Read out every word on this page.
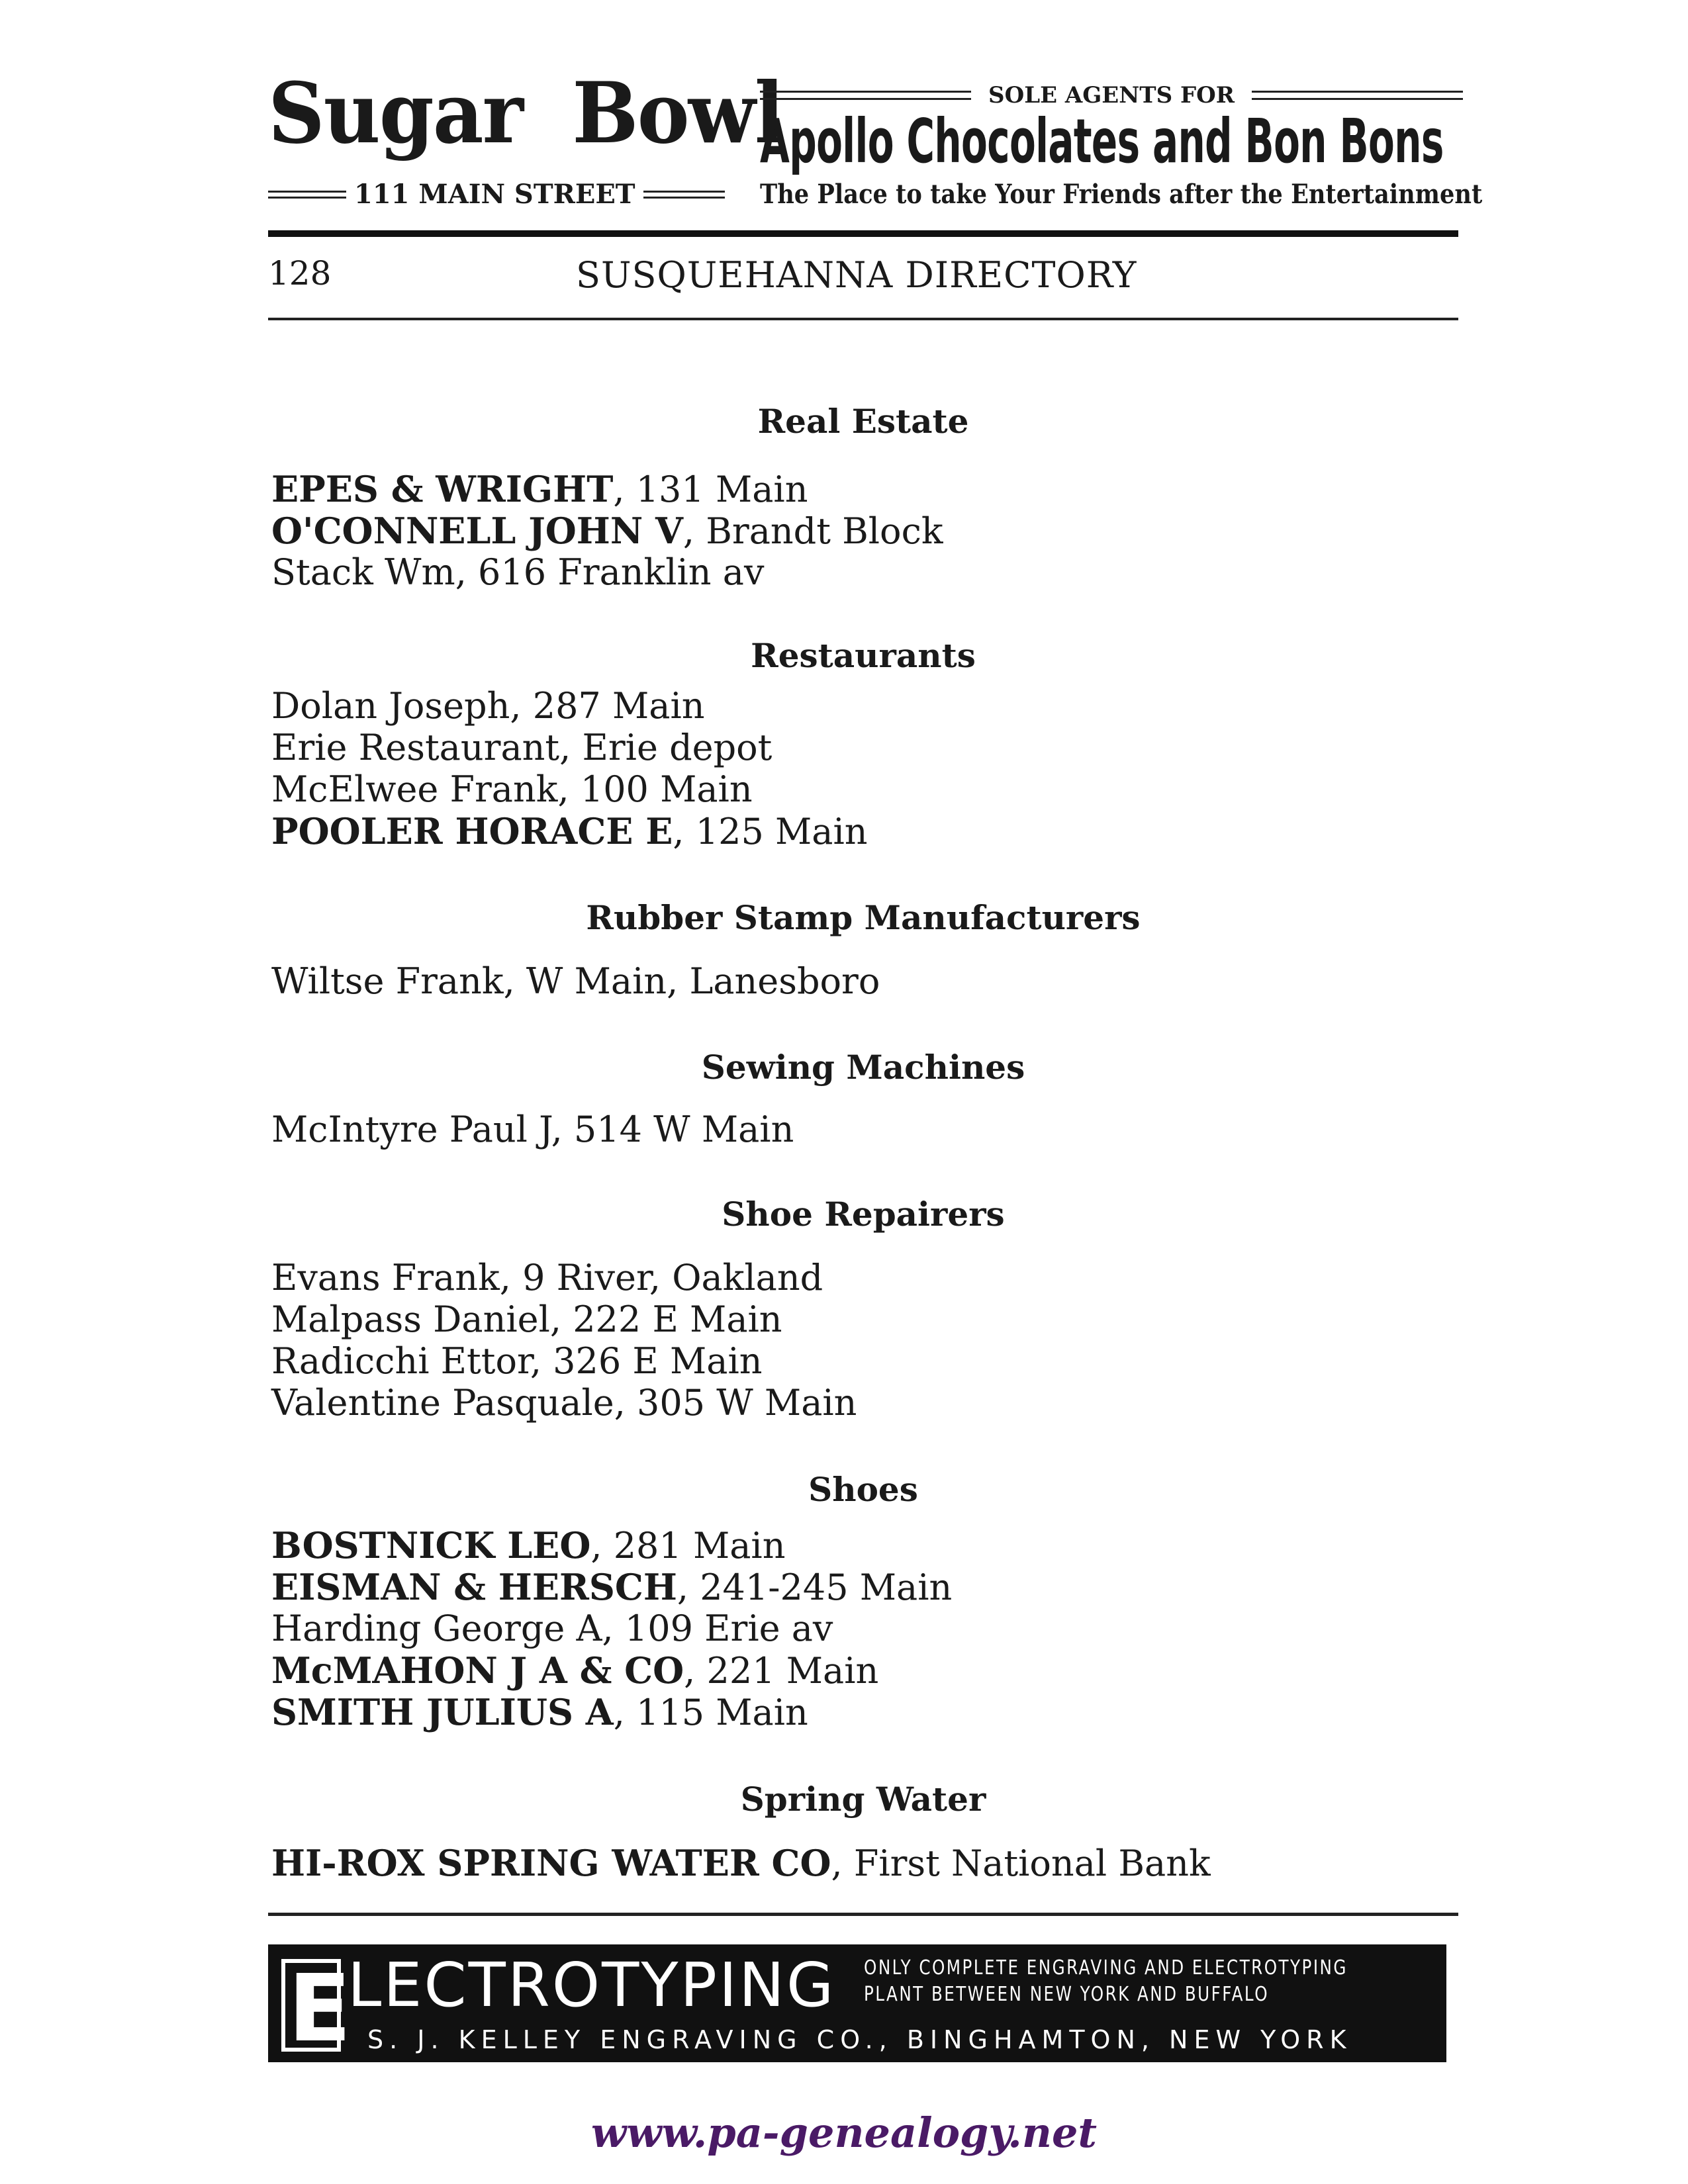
Sugar Bowl
111 MAIN STREET
SOLE AGENTS FOR
Apollo Chocolates and Bon Bons
The Place to take Your Friends after the Entertainment
128	SUSQUEHANNA DIRECTORY
Real Estate
EPES & WRIGHT, 131 Main
O'CONNELL JOHN V, Brandt Block
Stack Wm, 616 Franklin av
Restaurants
Dolan Joseph, 287 Main
Erie Restaurant, Erie depot
McElwee Frank, 100 Main
POOLER HORACE E, 125 Main
Rubber Stamp Manufacturers
Wiltse Frank, W Main, Lanesboro
Sewing Machines
McIntyre Paul J, 514 W Main
Shoe Repairers
Evans Frank, 9 River, Oakland
Malpass Daniel, 222 E Main
Radicchi Ettor, 326 E Main
Valentine Pasquale, 305 W Main
Shoes
BOSTNICK LEO, 281 Main
EISMAN & HERSCH, 241-245 Main
Harding George A, 109 Erie av
McMAHON J A & CO, 221 Main
SMITH JULIUS A, 115 Main
Spring Water
HI-ROX SPRING WATER CO, First National Bank
E
LECTROTYPING ONLY COMPLETE ENGRAVING AND ELECTROTYPING
PLANT BETWEEN NEW YORK AND BUFFALO
S. J. KELLEY ENGRAVING CO., BINGHAMTON, NEW YORK
www.pa-genealogy.net
